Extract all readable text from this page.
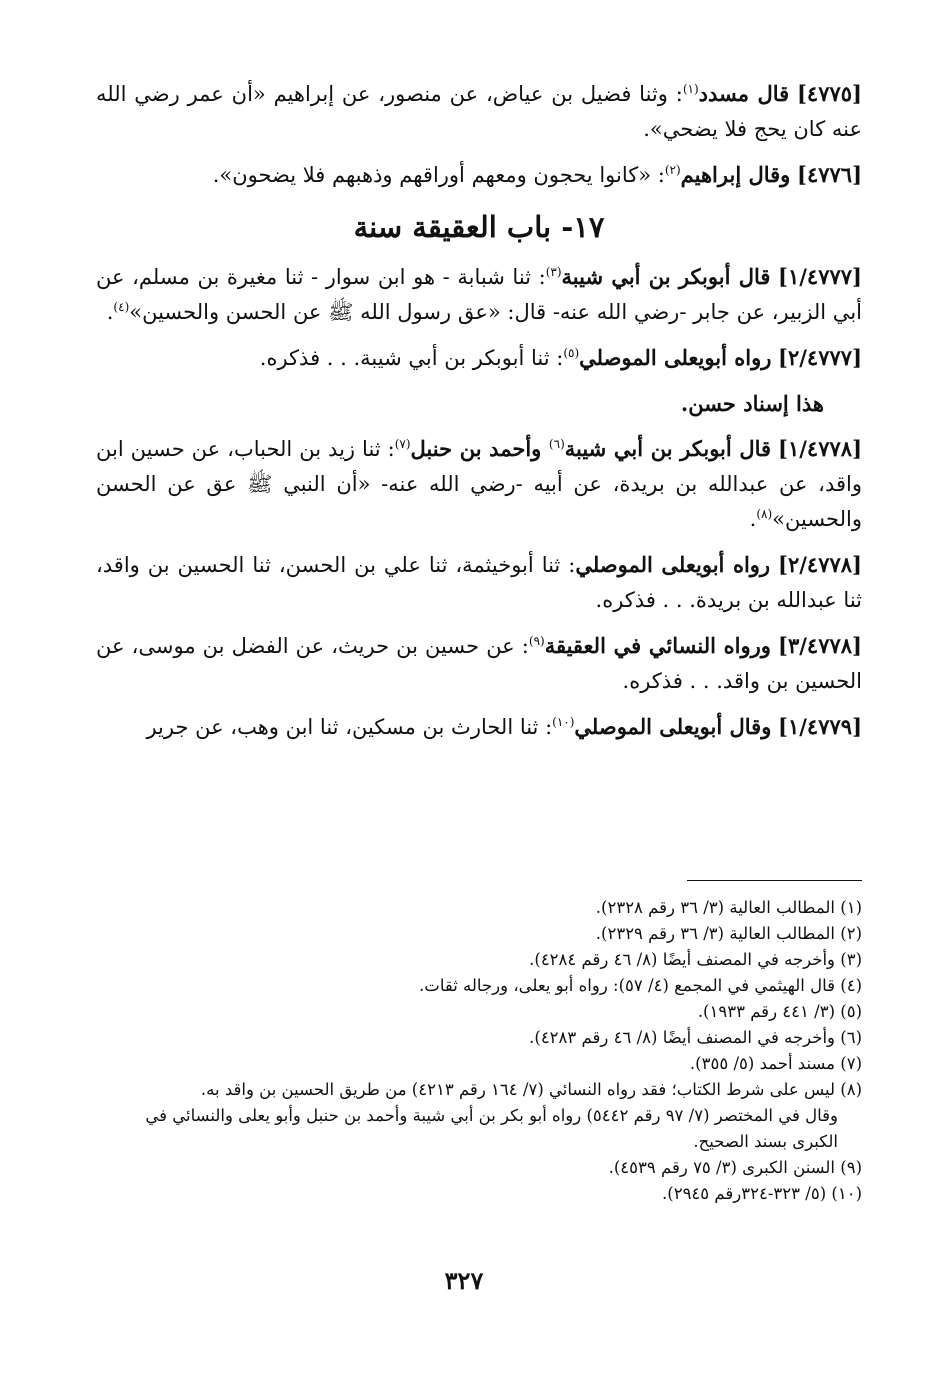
[٤٧٧٥] قال مسدد$^{(١)}$: وثنا فضيل بن عياض، عن منصور، عن إبراهيم «أن عمر رضي الله عنه كان يحج فلا يضحي».

[٤٧٧٦] وقال إبراهيم$^{(٢)}$: «كانوا يحجون ومعهم أوراقهم وذهبهم فلا يضحون».

١٧- باب العقيقة سنة

[١/٤٧٧٧] قال أبوبكر بن أبي شيبة$^{(٣)}$: ثنا شبابة - هو ابن سوار - ثنا مغيرة بن مسلم، عن أبي الزبير، عن جابر -رضي الله عنه- قال: «عق رسول الله ﷺ عن الحسن والحسين»$^{(٤)}$.

[٢/٤٧٧٧] رواه أبويعلى الموصلي$^{(٥)}$: ثنا أبوبكر بن أبي شيبة. . . فذكره.

هذا إسناد حسن.

[١/٤٧٧٨] قال أبوبكر بن أبي شيبة$^{(٦)}$ وأحمد بن حنبل$^{(٧)}$: ثنا زيد بن الحباب، عن حسين ابن واقد، عن عبدالله بن بريدة، عن أبيه -رضي الله عنه- «أن النبي ﷺ عق عن الحسن والحسين»$^{(٨)}$.

[٢/٤٧٧٨] رواه أبويعلى الموصلي: ثنا أبوخيثمة، ثنا علي بن الحسن، ثنا الحسين بن واقد، ثنا عبدالله بن بريدة. . . فذكره.

[٣/٤٧٧٨] ورواه النسائي في العقيقة$^{(٩)}$: عن حسين بن حريث، عن الفضل بن موسى، عن الحسين بن واقد. . . فذكره.

[١/٤٧٧٩] وقال أبويعلى الموصلي$^{(١٠)}$: ثنا الحارث بن مسكين، ثنا ابن وهب، عن جرير

(١) المطالب العالية (٣/ ٣٦ رقم ٢٣٢٨).

(٢) المطالب العالية (٣/ ٣٦ رقم ٢٣٢٩).

(٣) وأخرجه في المصنف أيضًا (٨/ ٤٦ رقم ٤٢٨٤).

(٤) قال الهيثمي في المجمع (٤/ ٥٧): رواه أبو يعلى، ورجاله ثقات.

(٥) (٣/ ٤٤١ رقم ١٩٣٣).

(٦) وأخرجه في المصنف أيضًا (٨/ ٤٦ رقم ٤٢٨٣).

(٧) مسند أحمد (٥/ ٣٥٥).

(٨) ليس على شرط الكتاب؛ فقد رواه النسائي (٧/ ١٦٤ رقم ٤٢١٣) من طريق الحسين بن واقد به.

وقال في المختصر (٧/ ٩٧ رقم ٥٤٤٢) رواه أبو بكر بن أبي شيبة وأحمد بن حنبل وأبو يعلى والنسائي في الكبرى بسند الصحيح.

(٩) السنن الكبرى (٣/ ٧٥ رقم ٤٥٣٩).

(١٠) (٥/ ٣٢٣-٣٢٤رقم ٢٩٤٥).

٣٢٧
